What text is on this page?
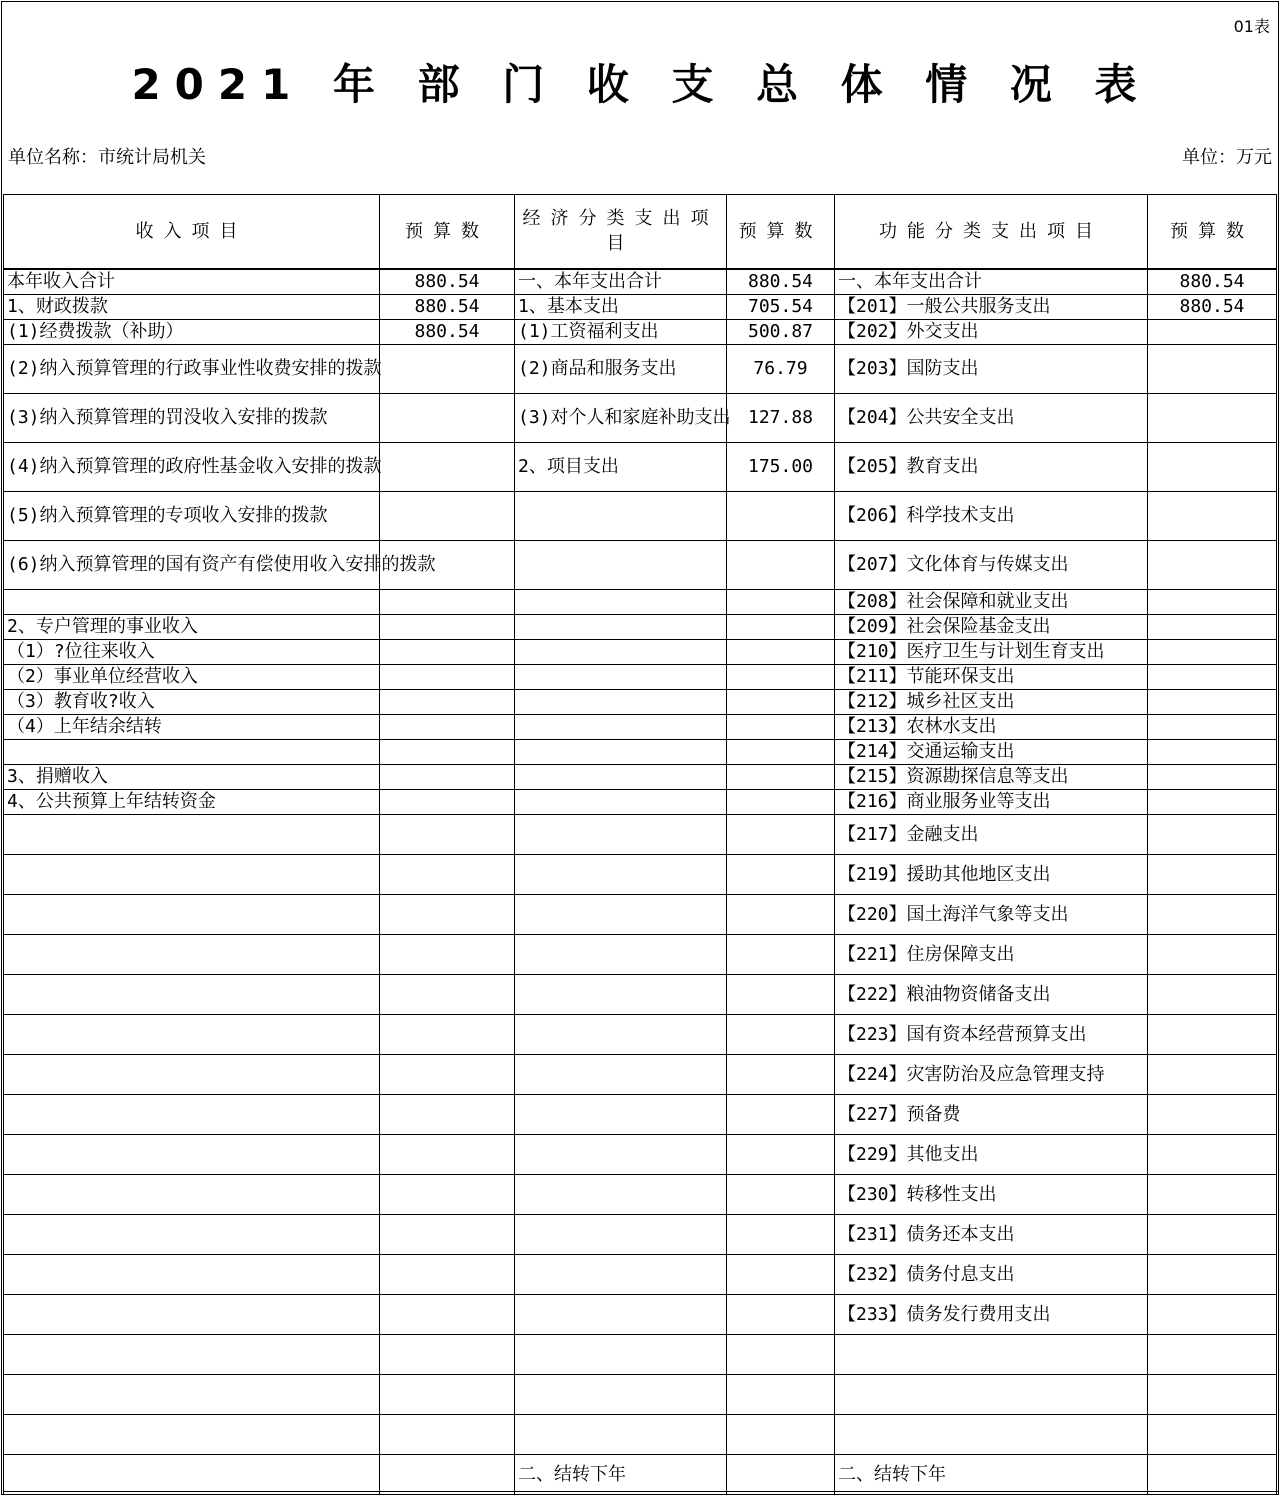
01表
2021 年 部 门 收 支 总 体 情 况 表
单位名称：市统计局机关	单位：万元
收入项目	预算数	经济分类支出项目	预算数	功能分类支出项目	预算数
本年收入合计	880.54	一、本年支出合计	880.54	一、本年支出合计	880.54
1、财政拨款	880.54	1、基本支出	705.54	【201】一般公共服务支出	880.54
(1)经费拨款（补助）	880.54	(1)工资福利支出	500.87	【202】外交支出	
(2)纳入预算管理的行政事业性收费安排的拨款		(2)商品和服务支出	76.79	【203】国防支出	
(3)纳入预算管理的罚没收入安排的拨款		(3)对个人和家庭补助支出	127.88	【204】公共安全支出	
(4)纳入预算管理的政府性基金收入安排的拨款		2、项目支出	175.00	【205】教育支出	
(5)纳入预算管理的专项收入安排的拨款				【206】科学技术支出	
(6)纳入预算管理的国有资产有偿使用收入安排的拨款				【207】文化体育与传媒支出	
				【208】社会保障和就业支出	
2、专户管理的事业收入				【209】社会保险基金支出	
（1）?位往来收入				【210】医疗卫生与计划生育支出	
（2）事业单位经营收入				【211】节能环保支出	
（3）教育收?收入				【212】城乡社区支出	
（4）上年结余结转				【213】农林水支出	
				【214】交通运输支出	
3、捐赠收入				【215】资源勘探信息等支出	
4、公共预算上年结转资金				【216】商业服务业等支出	
				【217】金融支出	
				【219】援助其他地区支出	
				【220】国土海洋气象等支出	
				【221】住房保障支出	
				【222】粮油物资储备支出	
				【223】国有资本经营预算支出	
				【224】灾害防治及应急管理支持	
				【227】预备费	
				【229】其他支出	
				【230】转移性支出	
				【231】债务还本支出	
				【232】债务付息支出	
				【233】债务发行费用支出	

		二、结转下年		二、结转下年	
